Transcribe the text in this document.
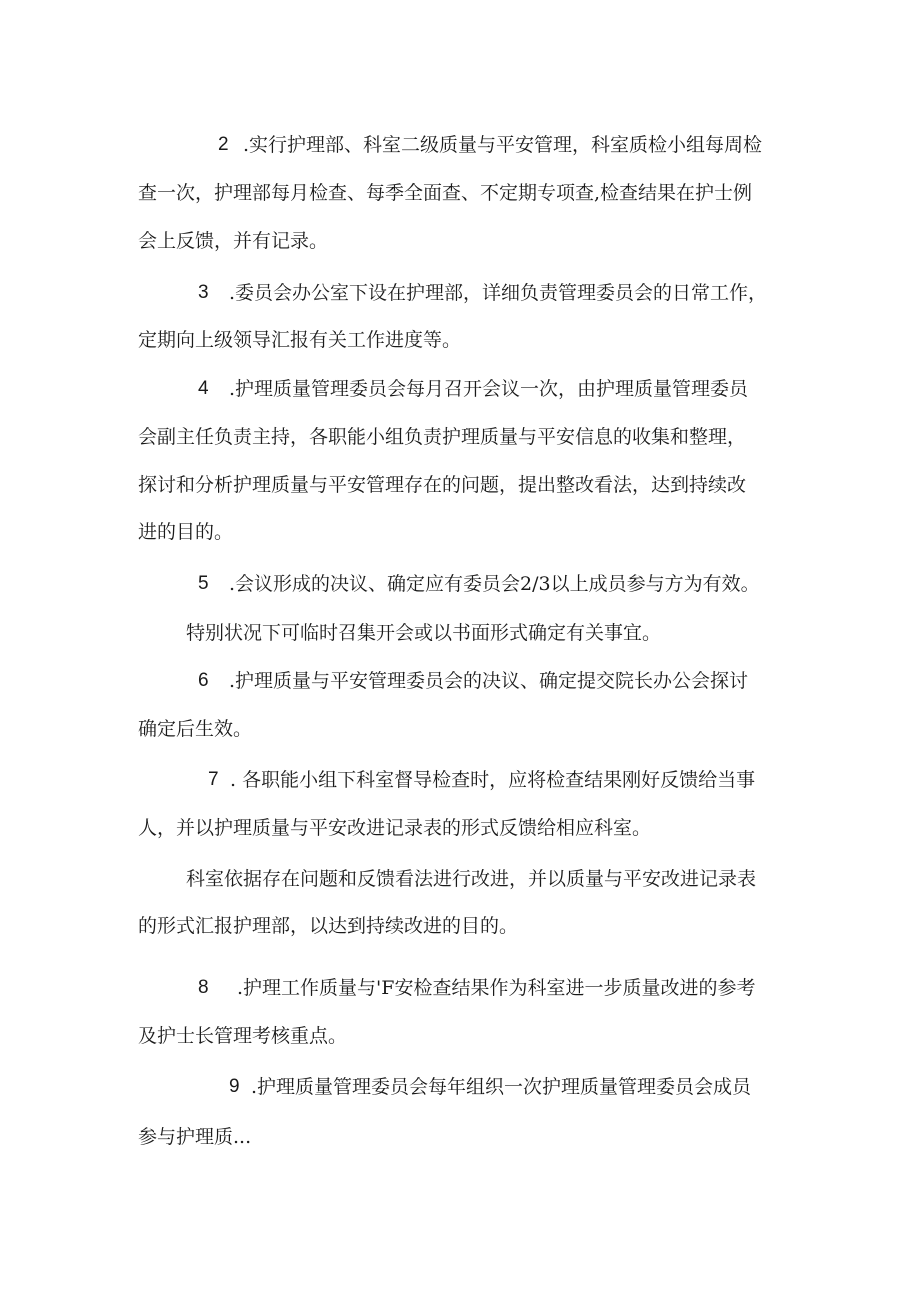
2 .实行护理部、科室二级质量与平安管理，科室质检小组每周检
查一次，护理部每月检查、每季全面查、不定期专项查,检查结果在护士例
会上反馈，并有记录。
3 .委员会办公室下设在护理部，详细负责管理委员会的日常工作，
定期向上级领导汇报有关工作进度等。
4 .护理质量管理委员会每月召开会议一次，由护理质量管理委员
会副主任负责主持，各职能小组负责护理质量与平安信息的收集和整理，
探讨和分析护理质量与平安管理存在的问题，提出整改看法，达到持续改
进的目的。
5 .会议形成的决议、确定应有委员会2/3以上成员参与方为有效。
特别状况下可临时召集开会或以书面形式确定有关事宜。
6 .护理质量与平安管理委员会的决议、确定提交院长办公会探讨
确定后生效。
7 . 各职能小组下科室督导检查时，应将检查结果刚好反馈给当事
人，并以护理质量与平安改进记录表的形式反馈给相应科室。
科室依据存在问题和反馈看法进行改进，并以质量与平安改进记录表
的形式汇报护理部，以达到持续改进的目的。
8 .护理工作质量与'F安检查结果作为科室进一步质量改进的参考
及护士长管理考核重点。
9 .护理质量管理委员会每年组织一次护理质量管理委员会成员
参与护理质...
